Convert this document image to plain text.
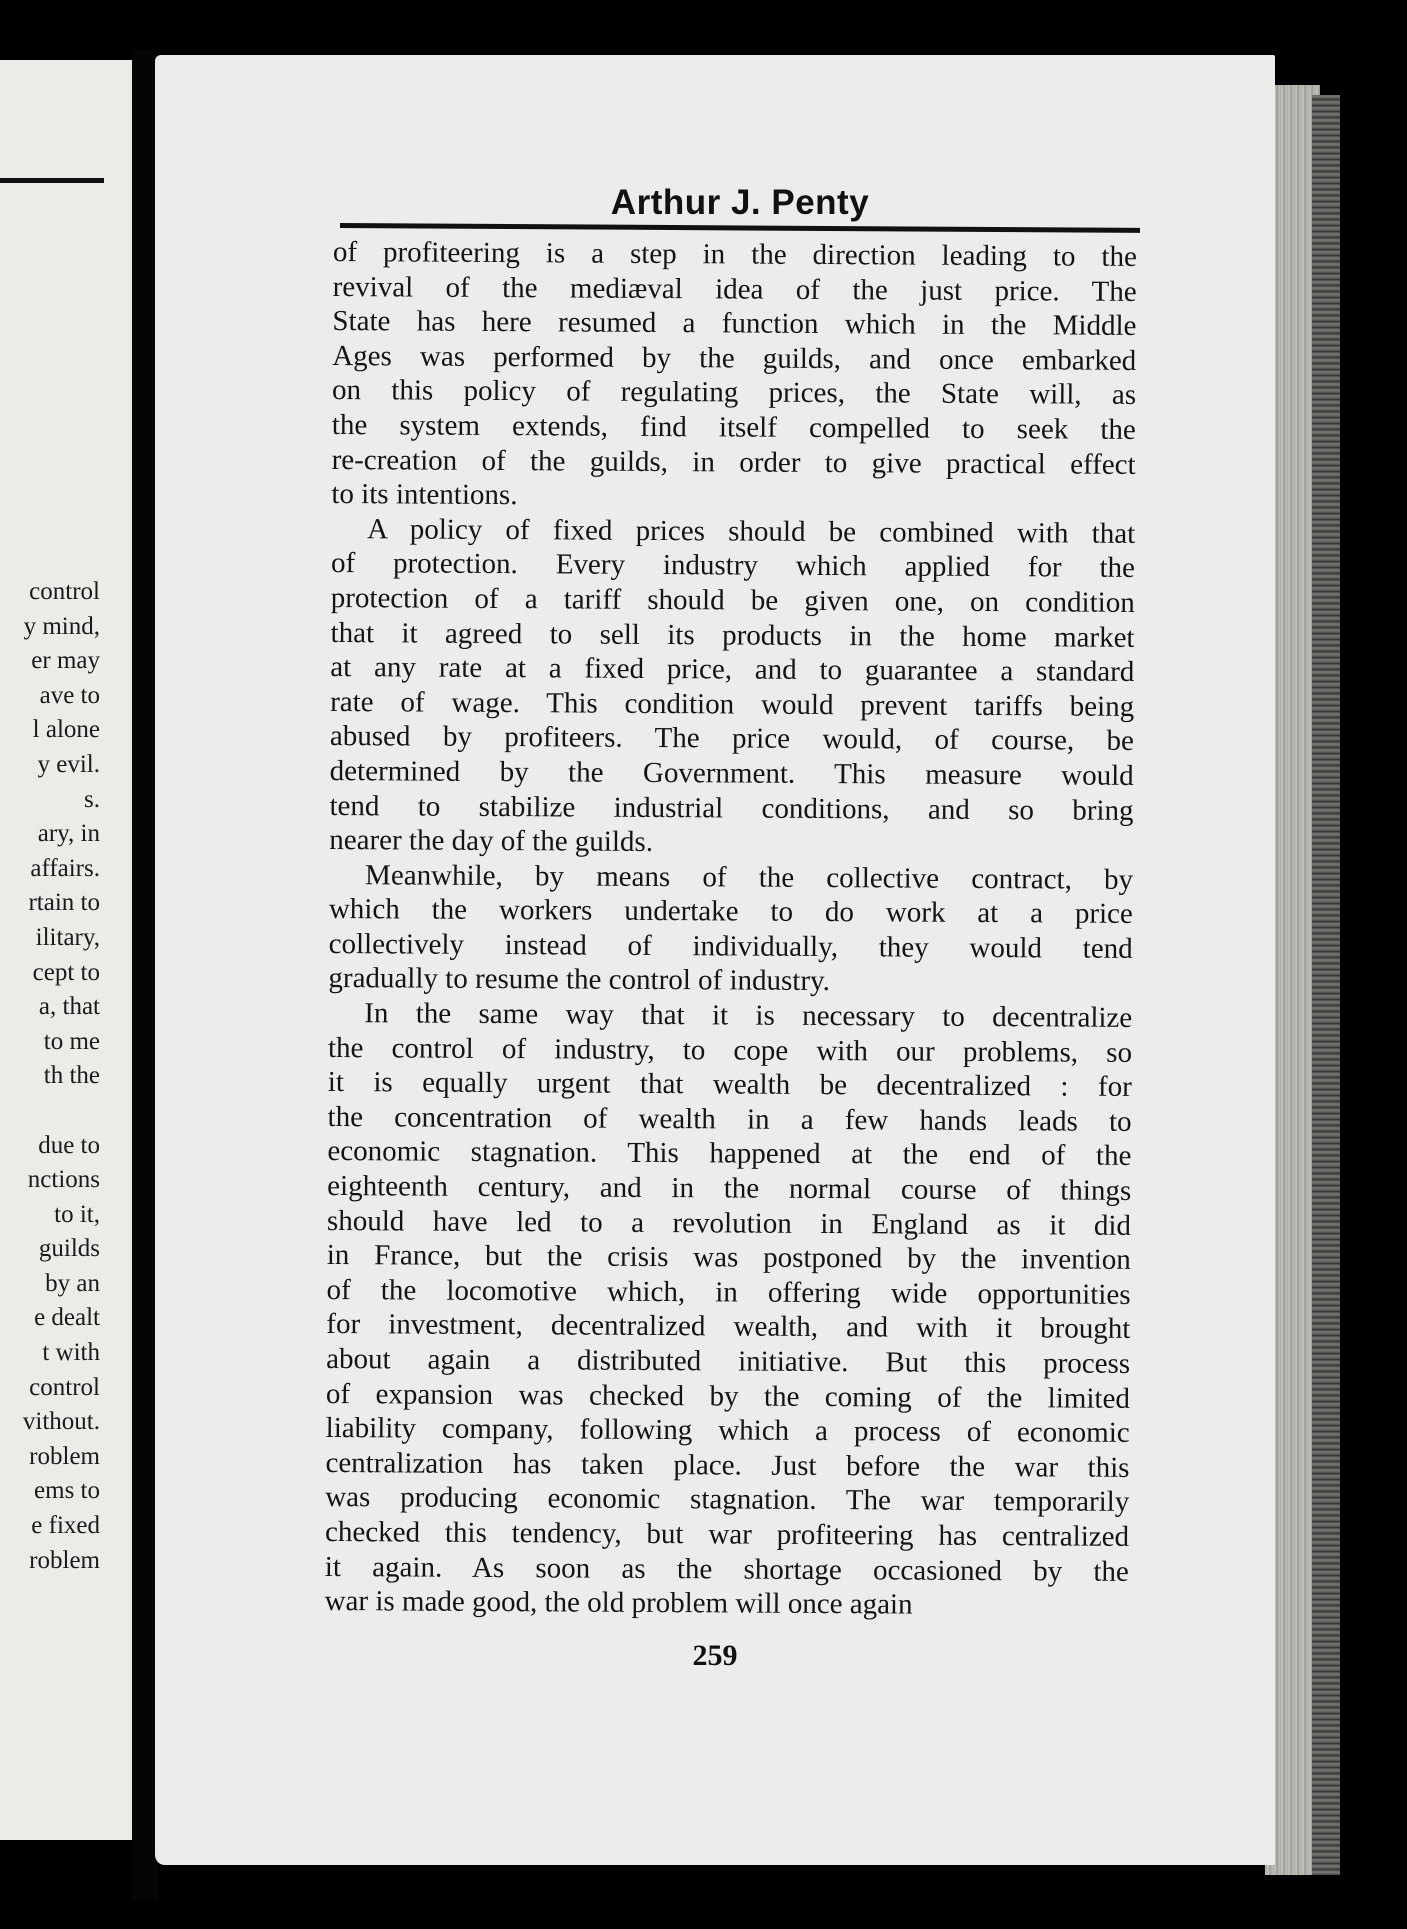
control
y mind,
er may
ave to
l alone
y evil.
s.
ary, in
affairs.
rtain to
ilitary,
cept to
a, that
to me
th the
due to
nctions
to it,
guilds
by an
e dealt
t with
control
vithout.
roblem
ems to
e fixed
roblem
Arthur J. Penty

of profiteering is a step in the direction leading to the
revival of the mediæval idea of the just price. The
State has here resumed a function which in the Middle
Ages was performed by the guilds, and once embarked
on this policy of regulating prices, the State will, as
the system extends, find itself compelled to seek the
re-creation of the guilds, in order to give practical effect
to its intentions.

A policy of fixed prices should be combined with that
of protection. Every industry which applied for the
protection of a tariff should be given one, on condition
that it agreed to sell its products in the home market
at any rate at a fixed price, and to guarantee a standard
rate of wage. This condition would prevent tariffs being
abused by profiteers. The price would, of course, be
determined by the Government. This measure would
tend to stabilize industrial conditions, and so bring
nearer the day of the guilds.

Meanwhile, by means of the collective contract, by
which the workers undertake to do work at a price
collectively instead of individually, they would tend
gradually to resume the control of industry.

In the same way that it is necessary to decentralize
the control of industry, to cope with our problems, so
it is equally urgent that wealth be decentralized : for
the concentration of wealth in a few hands leads to
economic stagnation. This happened at the end of the
eighteenth century, and in the normal course of things
should have led to a revolution in England as it did
in France, but the crisis was postponed by the invention
of the locomotive which, in offering wide opportunities
for investment, decentralized wealth, and with it brought
about again a distributed initiative. But this process
of expansion was checked by the coming of the limited
liability company, following which a process of economic
centralization has taken place. Just before the war this
was producing economic stagnation. The war temporarily
checked this tendency, but war profiteering has centralized
it again. As soon as the shortage occasioned by the
war is made good, the old problem will once again

259
